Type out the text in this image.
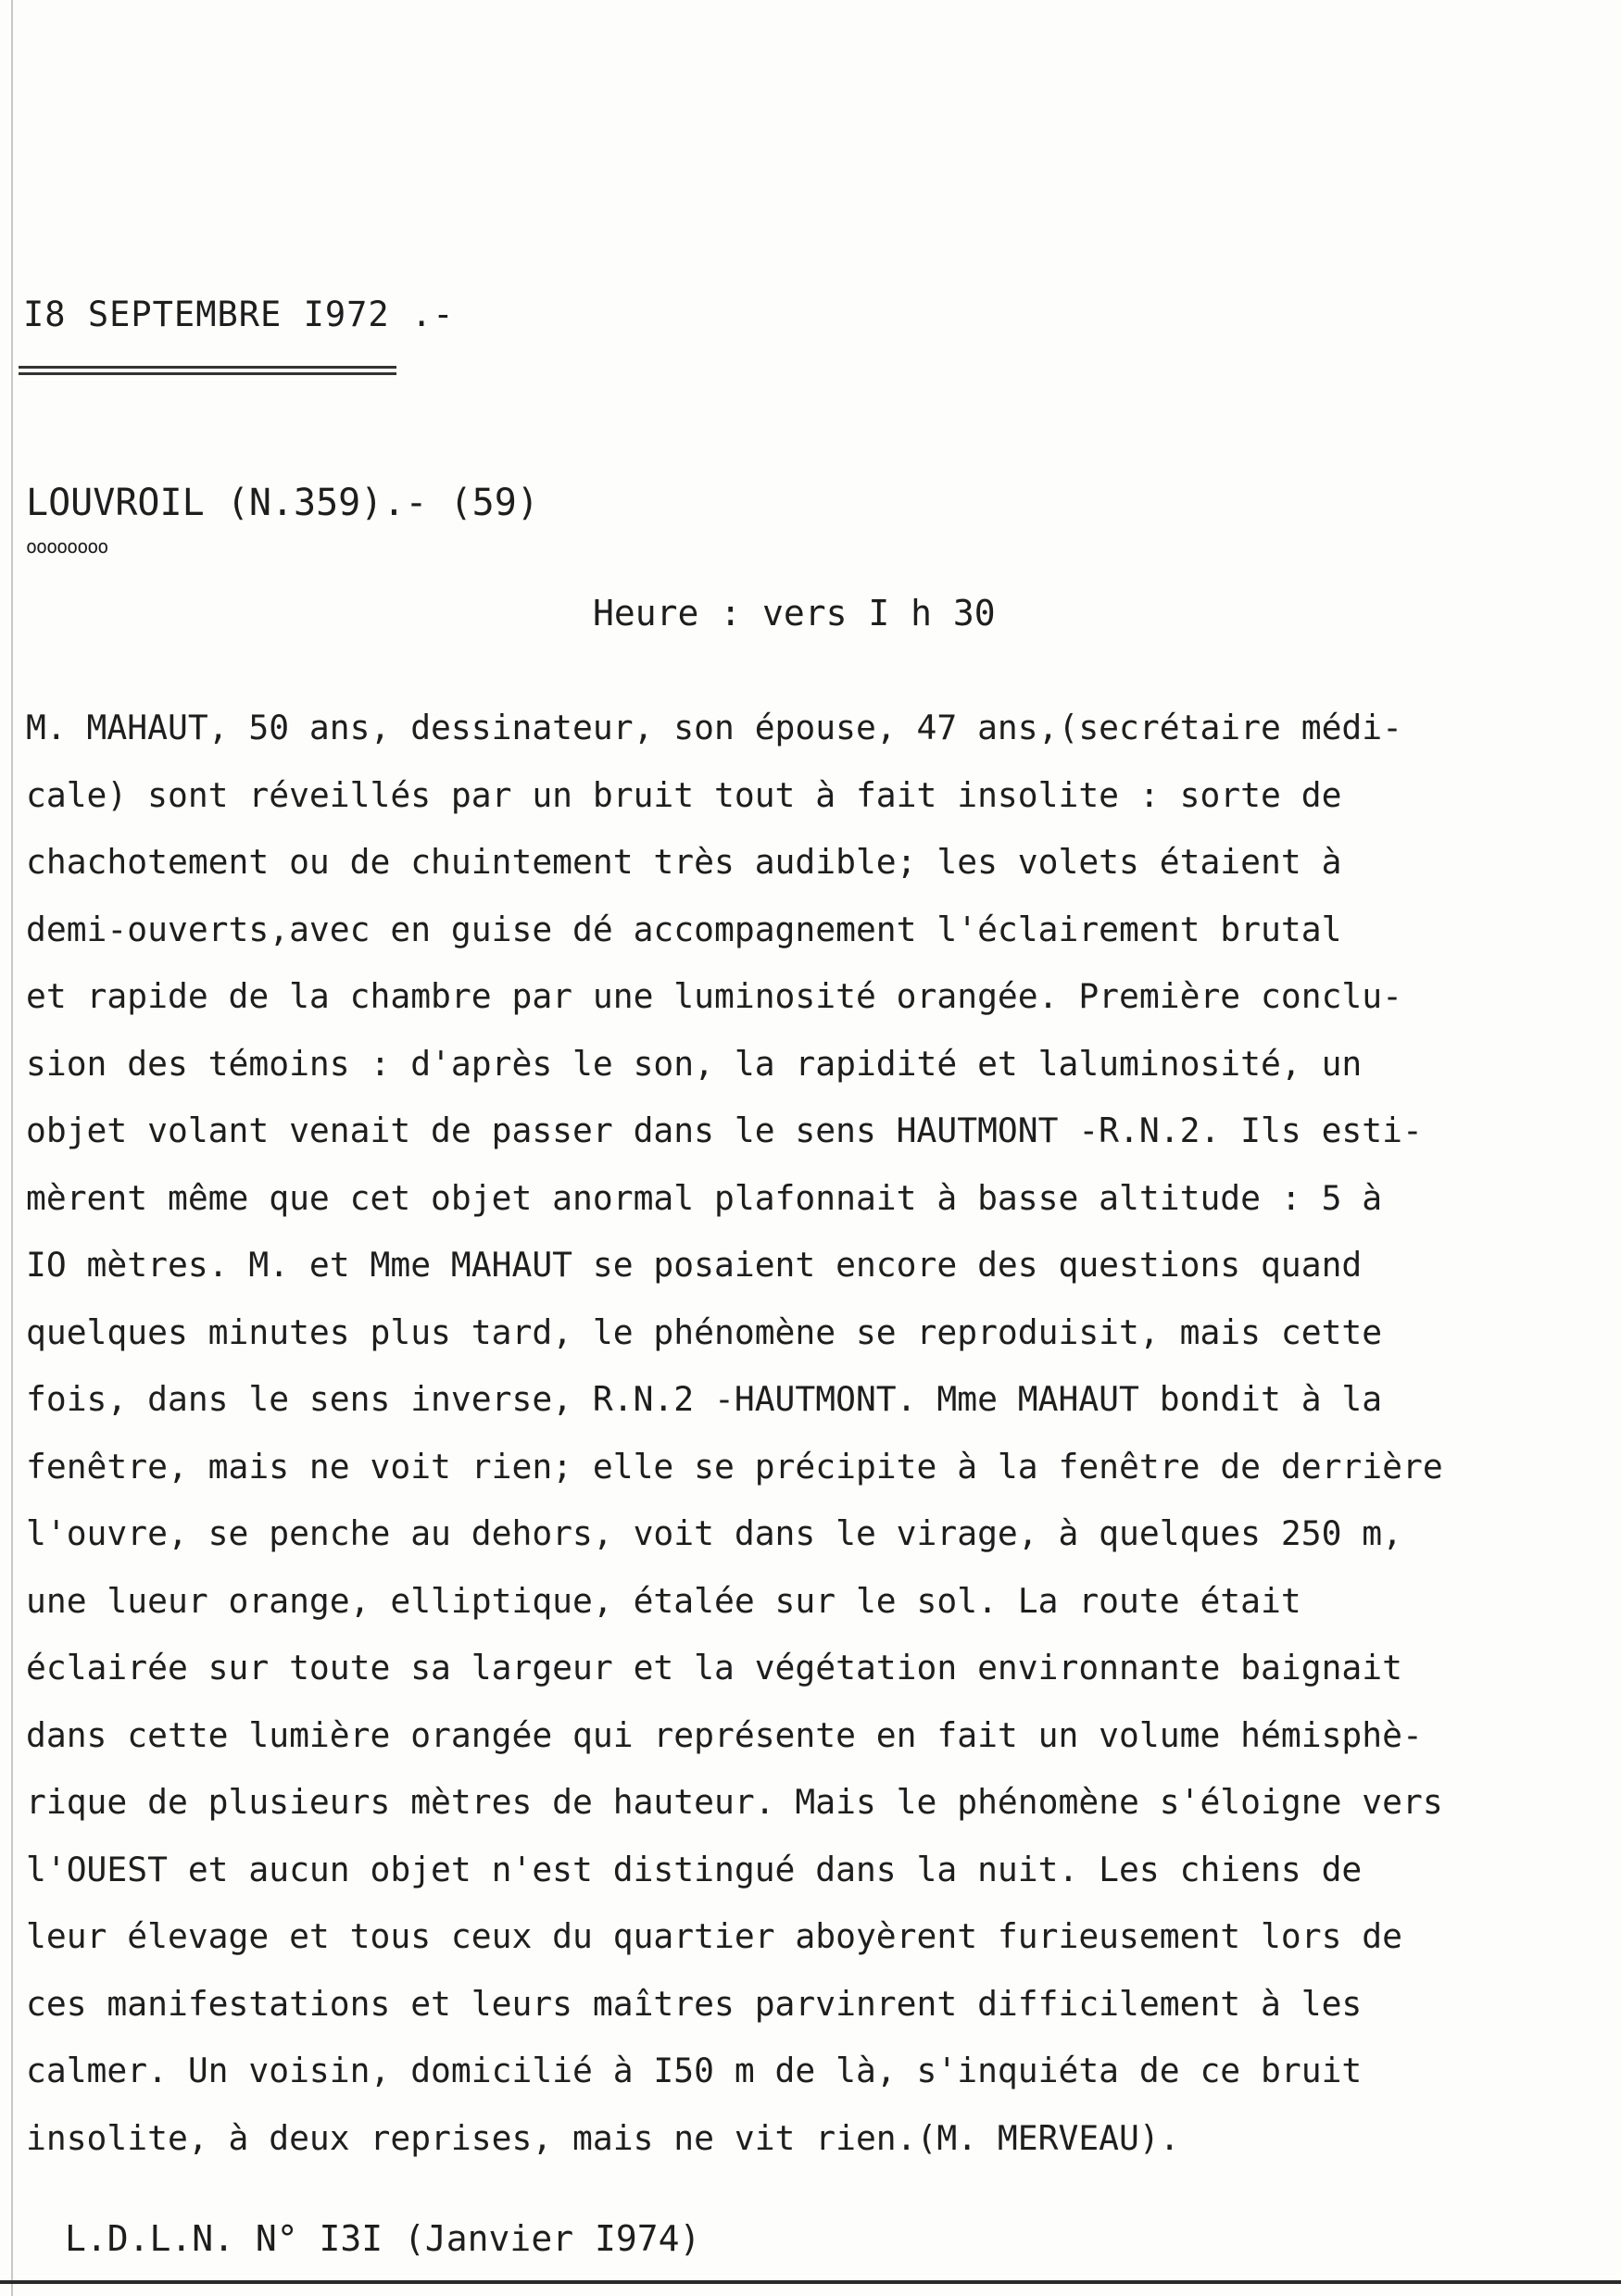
I8 SEPTEMBRE I972 .-
LOUVROIL (N.359).- (59)
oooooooo
Heure : vers I h 30
M. MAHAUT, 50 ans, dessinateur, son épouse, 47 ans,(secrétaire médi-
cale) sont réveillés par un bruit tout à fait insolite : sorte de
chachotement ou de chuintement très audible; les volets étaient à
demi-ouverts,avec en guise dé accompagnement l'éclairement brutal
et rapide de la chambre par une luminosité orangée. Première conclu-
sion des témoins : d'après le son, la rapidité et laluminosité, un
objet volant venait de passer dans le sens HAUTMONT -R.N.2. Ils esti-
mèrent même que cet objet anormal plafonnait à basse altitude : 5 à
IO mètres. M. et Mme MAHAUT se posaient encore des questions quand
quelques minutes plus tard, le phénomène se reproduisit, mais cette
fois, dans le sens inverse, R.N.2 -HAUTMONT. Mme MAHAUT bondit à la
fenêtre, mais ne voit rien; elle se précipite à la fenêtre de derrière
l'ouvre, se penche au dehors, voit dans le virage, à quelques 250 m,
une lueur orange, elliptique, étalée sur le sol. La route était
éclairée sur toute sa largeur et la végétation environnante baignait
dans cette lumière orangée qui représente en fait un volume hémisphè-
rique de plusieurs mètres de hauteur. Mais le phénomène s'éloigne vers
l'OUEST et aucun objet n'est distingué dans la nuit. Les chiens de
leur élevage et tous ceux du quartier aboyèrent furieusement lors de
ces manifestations et leurs maîtres parvinrent difficilement à les
calmer. Un voisin, domicilié à I50 m de là, s'inquiéta de ce bruit
insolite, à deux reprises, mais ne vit rien.(M. MERVEAU).
L.D.L.N. N° I3I (Janvier I974)
